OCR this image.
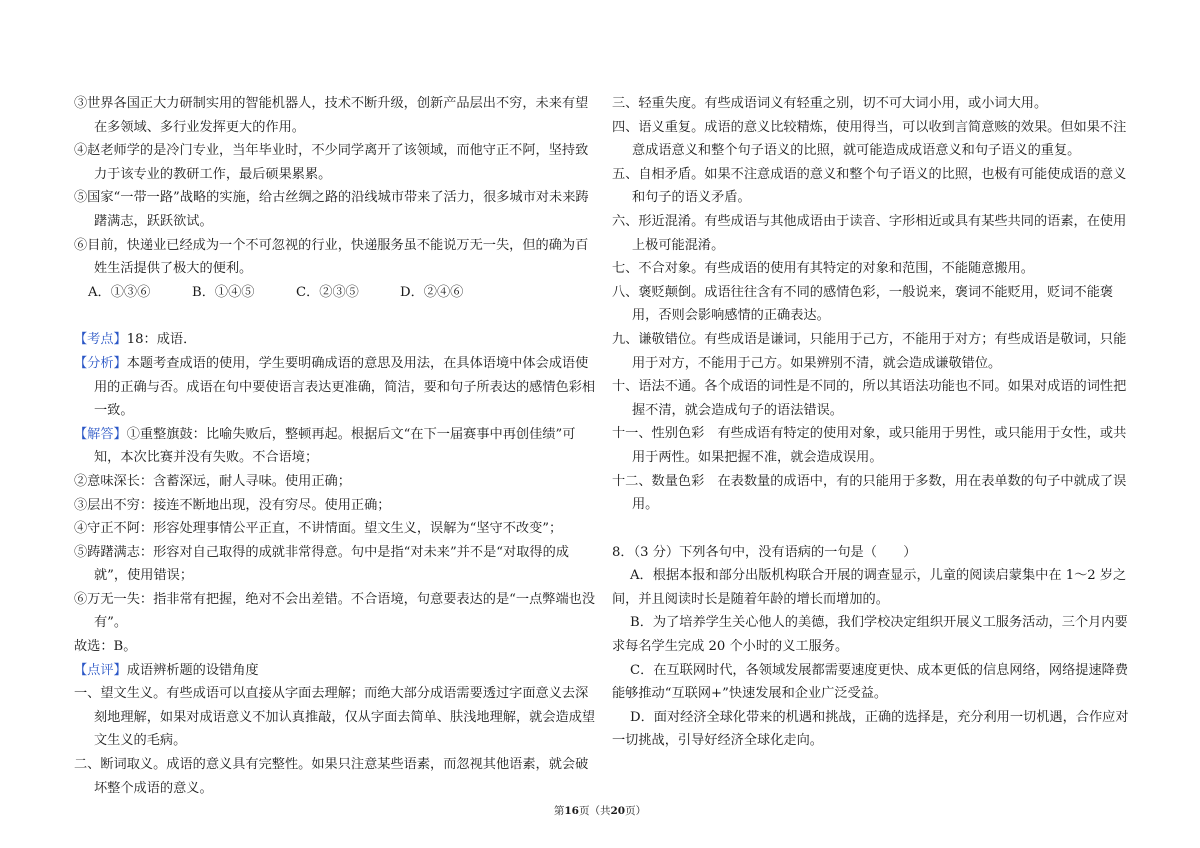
③世界各国正大力研制实用的智能机器人，技术不断升级，创新产品层出不穷，未来有望在多领域、多行业发挥更大的作用。
④赵老师学的是冷门专业，当年毕业时，不少同学离开了该领域，而他守正不阿，坚持致力于该专业的教研工作，最后硕果累累。
⑤国家“一带一路”战略的实施，给古丝绸之路的沿线城市带来了活力，很多城市对未来踌躇满志，跃跃欲试。
⑥目前，快递业已经成为一个不可忽视的行业，快递服务虽不能说万无一失，但的确为百姓生活提供了极大的便利。
A．①③⑥	B．①④⑤	C．②③⑤	D．②④⑥
【考点】18：成语．
【分析】本题考查成语的使用，学生要明确成语的意思及用法，在具体语境中体会成语使用的正确与否。成语在句中要使语言表达更准确，简洁，要和句子所表达的感情色彩相一致。
【解答】①重整旗鼓：比喻失败后，整顿再起。根据后文“在下一届赛事中再创佳绩”可知，本次比赛并没有失败。不合语境；
②意味深长：含蓄深远，耐人寻味。使用正确；
③层出不穷：接连不断地出现，没有穷尽。使用正确；
④守正不阿：形容处理事情公平正直，不讲情面。望文生义，误解为“坚守不改变”；
⑤踌躇满志：形容对自己取得的成就非常得意。句中是指“对未来”并不是“对取得的成就”，使用错误；
⑥万无一失：指非常有把握，绝对不会出差错。不合语境，句意要表达的是“一点弊端也没有”。
故选：B。
【点评】成语辨析题的设错角度
一、望文生义。有些成语可以直接从字面去理解；而绝大部分成语需要透过字面意义去深刻地理解，如果对成语意义不加认真推敲，仅从字面去简单、肤浅地理解，就会造成望文生义的毛病。
二、断词取义。成语的意义具有完整性。如果只注意某些语素，而忽视其他语素，就会破坏整个成语的意义。
三、轻重失度。有些成语词义有轻重之别，切不可大词小用，或小词大用。
四、语义重复。成语的意义比较精炼，使用得当，可以收到言简意赅的效果。但如果不注意成语意义和整个句子语义的比照，就可能造成成语意义和句子语义的重复。
五、自相矛盾。如果不注意成语的意义和整个句子语义的比照，也极有可能使成语的意义和句子的语义矛盾。
六、形近混淆。有些成语与其他成语由于读音、字形相近或具有某些共同的语素，在使用上极可能混淆。
七、不合对象。有些成语的使用有其特定的对象和范围，不能随意搬用。
八、褒贬颠倒。成语往往含有不同的感情色彩，一般说来，褒词不能贬用，贬词不能褒用，否则会影响感情的正确表达。
九、谦敬错位。有些成语是谦词，只能用于己方，不能用于对方；有些成语是敬词，只能用于对方，不能用于己方。如果辨别不清，就会造成谦敬错位。
十、语法不通。各个成语的词性是不同的，所以其语法功能也不同。如果对成语的词性把握不清，就会造成句子的语法错误。
十一、性别色彩　有些成语有特定的使用对象，或只能用于男性，或只能用于女性，或共用于两性。如果把握不准，就会造成误用。
十二、数量色彩　在表数量的成语中，有的只能用于多数，用在表单数的句子中就成了误用。
8．（3 分）下列各句中，没有语病的一句是（　　）
A．根据本报和部分出版机构联合开展的调查显示，儿童的阅读启蒙集中在 1～2 岁之间，并且阅读时长是随着年龄的增长而增加的。
B．为了培养学生关心他人的美德，我们学校决定组织开展义工服务活动，三个月内要求每名学生完成 20 个小时的义工服务。
C．在互联网时代，各领域发展都需要速度更快、成本更低的信息网络，网络提速降费能够推动“互联网+”快速发展和企业广泛受益。
D．面对经济全球化带来的机遇和挑战，正确的选择是，充分利用一切机遇，合作应对一切挑战，引导好经济全球化走向。
第16页（共20页）
